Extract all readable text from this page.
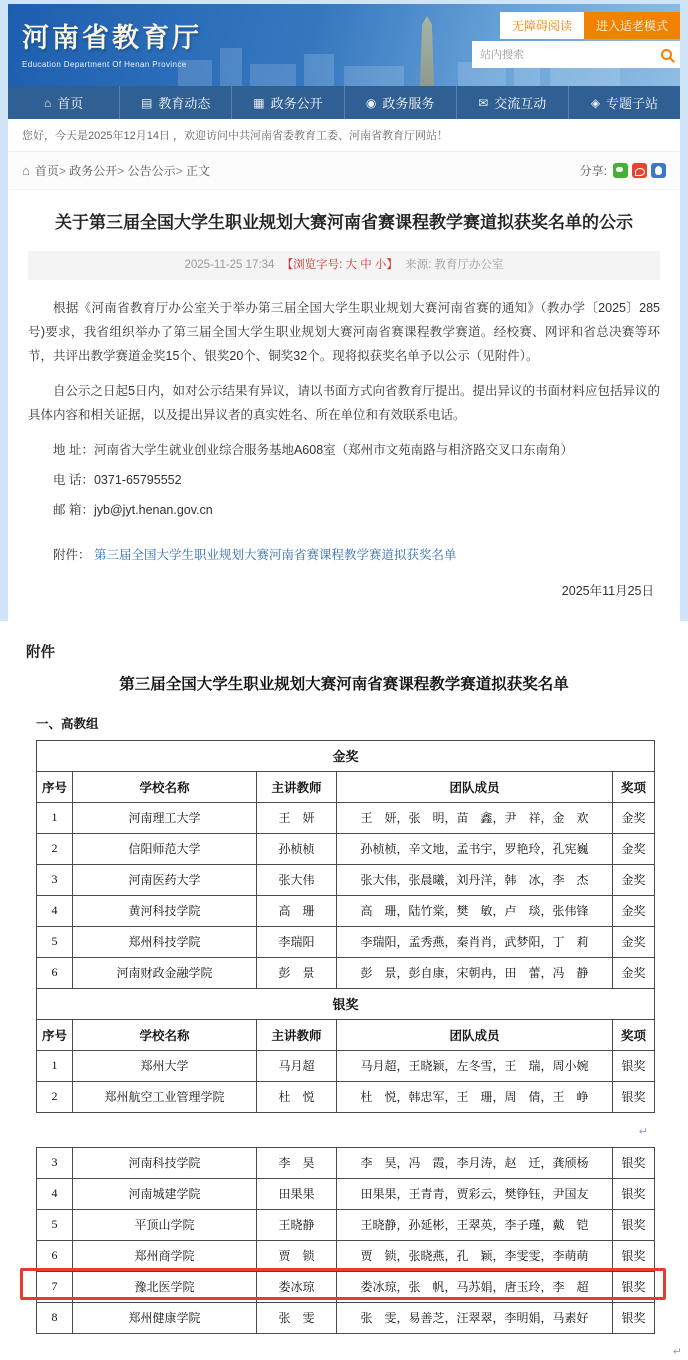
河南省教育厅
Education Department Of Henan Province
无障碍阅读	进入适老模式
站内搜索
⌂ 首页	▤ 教育动态	▦ 政务公开	◉ 政务服务	✉ 交流互动	◈ 专题子站
您好，今天是2025年12月14日 ，欢迎访问中共河南省委教育工委、河南省教育厅网站！
⌂ 首页 > 政务公开 > 公告公示 > 正文	分享:
关于第三届全国大学生职业规划大赛河南省赛课程教学赛道拟获奖名单的公示
2025-11-25 17:34 【浏览字号: 大 中 小】 来源: 教育厅办公室

根据《河南省教育厅办公室关于举办第三届全国大学生职业规划大赛河南省赛的通知》（教办学〔2025〕285号)要求，我省组织举办了第三届全国大学生职业规划大赛河南省赛课程教学赛道。经校赛、网评和省总决赛等环节，共评出教学赛道金奖15个、银奖20个、铜奖32个。现将拟获奖名单予以公示（见附件）。

自公示之日起5日内，如对公示结果有异议，请以书面方式向省教育厅提出。提出异议的书面材料应包括异议的具体内容和相关证据，以及提出异议者的真实姓名、所在单位和有效联系电话。

地 址：河南省大学生就业创业综合服务基地A608室（郑州市文苑南路与相济路交叉口东南角）

电 话：0371-65795552

邮 箱：jyb@jyt.henan.gov.cn

附件： 第三届全国大学生职业规划大赛河南省赛课程教学赛道拟获奖名单

2025年11月25日
附件
第三届全国大学生职业规划大赛河南省赛课程教学赛道拟获奖名单
一、高教组
金奖				
序号	学校名称	主讲教师	团队成员	奖项
1	河南理工大学	王　妍	王　妍，张　明，苗　鑫，尹　祥，金　欢	金奖
2	信阳师范大学	孙桢桢	孙桢桢，辛文地，孟书宇，罗艳玲，孔宪巍	金奖
3	河南医药大学	张大伟	张大伟，张晨曦，刘丹洋，韩　冰，李　杰	金奖
4	黄河科技学院	高　珊	高　珊，陆竹棠，樊　敏，卢　琰，张伟锋	金奖
5	郑州科技学院	李瑞阳	李瑞阳，孟秀燕，秦肖肖，武梦阳，丁　莉	金奖
6	河南财政金融学院	彭　景	彭　景，彭自康，宋朝冉，田　蕾，冯　静	金奖
银奖				
序号	学校名称	主讲教师	团队成员	奖项
1	郑州大学	马月超	马月超，王晓颖，左冬雪，王　瑞，周小婉	银奖
2	郑州航空工业管理学院	杜　悦	杜　悦，韩忠军，王　珊，周　倩，王　峥	银奖
↵
3	河南科技学院	李　昊	李　昊，冯　霞，李月涛，赵　迁，龚颀杨	银奖
4	河南城建学院	田果果	田果果，王青青，贾彩云，樊铮钰，尹国友	银奖
5	平顶山学院	王晓静	王晓静，孙延彬，王翠英，李子瑾，戴　铠	银奖
6	郑州商学院	贾　锁	贾　锁，张晓燕，孔　颖，李雯雯，李萌萌	银奖
7	豫北医学院	娄冰琼	娄冰琼，张　帆，马苏娟，唐玉玲，李　超	银奖
8	郑州健康学院	张　雯	张　雯，易善芝，汪翠翠，李明娟，马素好	银奖
↵
